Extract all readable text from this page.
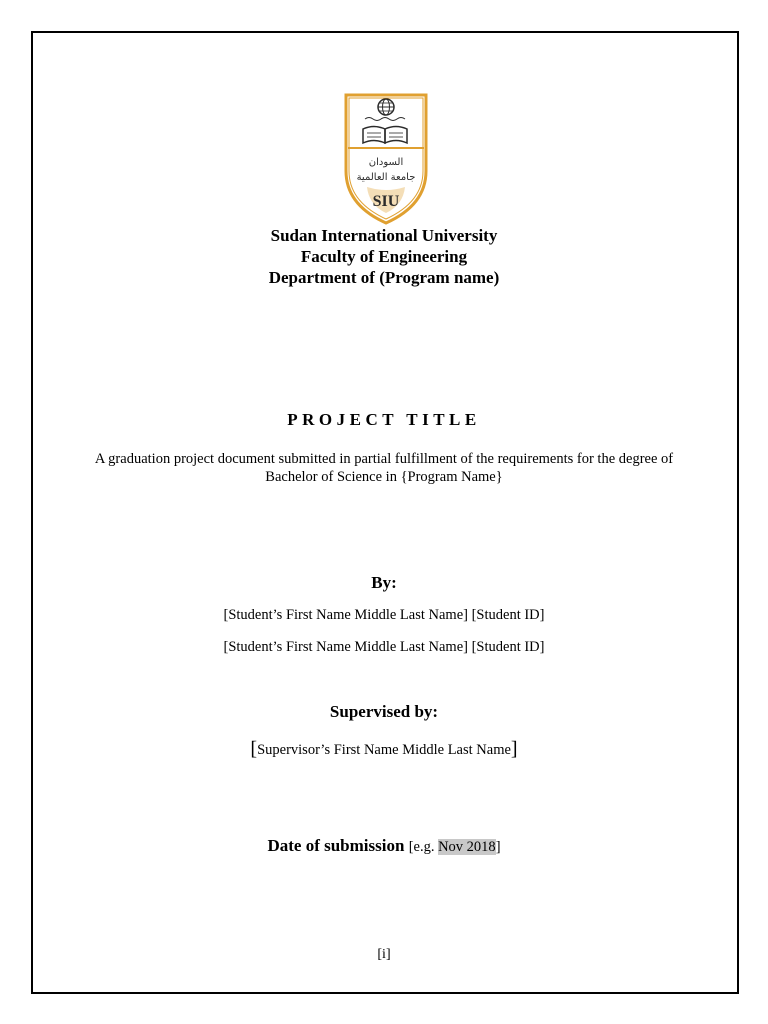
السودان
جامعة العالمية
SIU
Sudan International University
Faculty of Engineering
Department of (Program name)
PROJECT TITLE
A graduation project document submitted in partial fulfillment of the requirements for the degree of Bachelor of Science in {Program Name}
By:
[Student’s First Name Middle Last Name] [Student ID]
[Student’s First Name Middle Last Name] [Student ID]
Supervised by:
[Supervisor’s First Name Middle Last Name]
Date of submission [e.g. Nov 2018]
[i]
